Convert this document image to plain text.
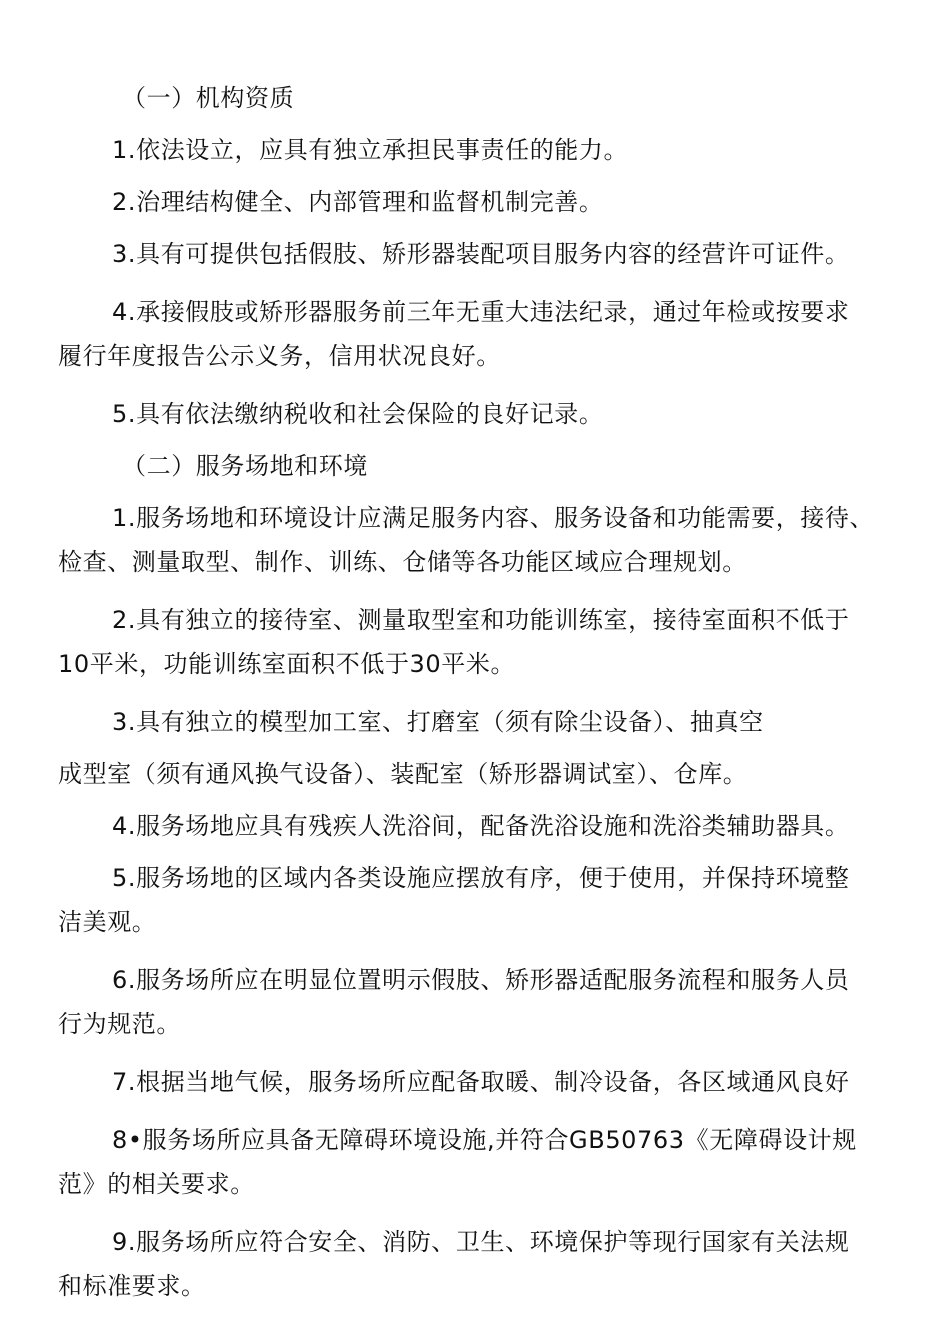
（一）机构资质

1.依法设立，应具有独立承担民事责任的能力。

2.治理结构健全、内部管理和监督机制完善。

3.具有可提供包括假肢、矫形器装配项目服务内容的经营许可证件。

4.承接假肢或矫形器服务前三年无重大违法纪录，通过年检或按要求

履行年度报告公示义务，信用状况良好。

5.具有依法缴纳税收和社会保险的良好记录。

（二）服务场地和环境

1.服务场地和环境设计应满足服务内容、服务设备和功能需要，接待、

检查、测量取型、制作、训练、仓储等各功能区域应合理规划。

2.具有独立的接待室、测量取型室和功能训练室，接待室面积不低于

10平米，功能训练室面积不低于30平米。

3.具有独立的模型加工室、打磨室（须有除尘设备）、抽真空

成型室（须有通风换气设备）、装配室（矫形器调试室）、仓库。

4.服务场地应具有残疾人洗浴间，配备洗浴设施和洗浴类辅助器具。

5.服务场地的区域内各类设施应摆放有序，便于使用，并保持环境整

洁美观。

6.服务场所应在明显位置明示假肢、矫形器适配服务流程和服务人员

行为规范。

7.根据当地气候，服务场所应配备取暖、制冷设备，各区域通风良好

8•服务场所应具备无障碍环境设施,并符合GB50763《无障碍设计规

范》的相关要求。

9.服务场所应符合安全、消防、卫生、环境保护等现行国家有关法规

和标准要求。
